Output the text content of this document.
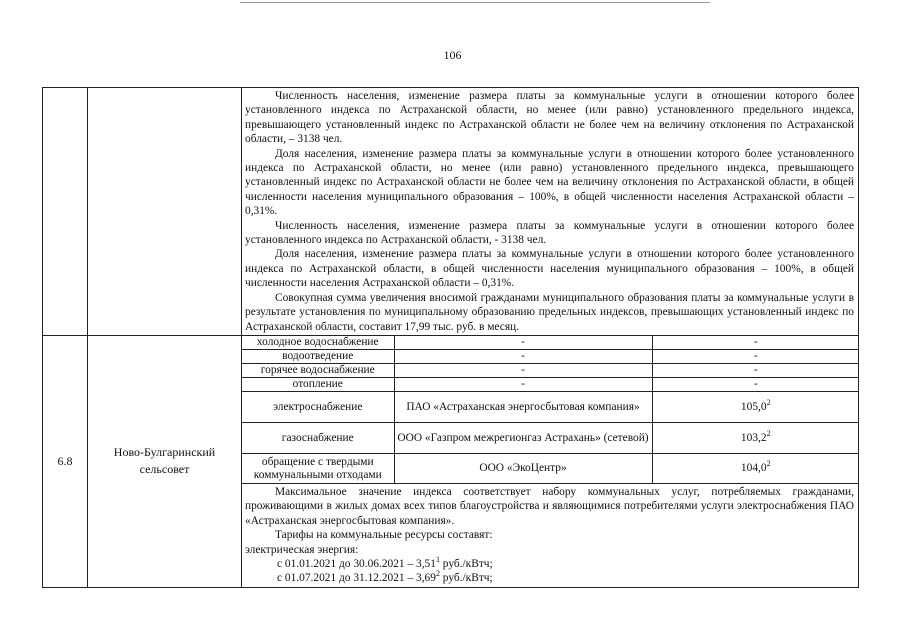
106

Численность населения, изменение размера платы за коммунальные услуги в отношении которого более установленного индекса по Астраханской области, но менее (или равно) установленного предельного индекса, превышающего установленный индекс по Астраханской области не более чем на величину отклонения по Астраханской области, – 3138 чел.

Доля населения, изменение размера платы за коммунальные услуги в отношении которого более установленного индекса по Астраханской области, но менее (или равно) установленного предельного индекса, превышающего установленный индекс по Астраханской области не более чем на величину отклонения по Астраханской области, в общей численности населения муниципального образования – 100%, в общей численности населения Астраханской области – 0,31%.

Численность населения, изменение размера платы за коммунальные услуги в отношении которого более установленного индекса по Астраханской области, - 3138 чел.

Доля населения, изменение размера платы за коммунальные услуги в отношении которого более установленного индекса по Астраханской области, в общей численности населения муниципального образования – 100%, в общей численности населения Астраханской области – 0,31%.

Совокупная сумма увеличения вносимой гражданами муниципального образования платы за коммунальные услуги в результате установления по муниципальному образованию предельных индексов, превышающих установленный индекс по Астраханской области, составит 17,99 тыс. руб. в месяц.

6.8	Ново-Булгаринский сельсовет	
холодное водоснабжение	-	-
водоотведение	-	-
горячее водоснабжение	-	-
отопление	-	-
электроснабжение	ПАО «Астраханская энергосбытовая компания»	105,0$^2$
газоснабжение	ООО «Газпром межрегионгаз Астрахань» (сетевой)	103,2$^2$
обращение с твердыми коммунальными отходами	ООО «ЭкоЦентр»	104,0$^2$

Максимальное значение индекса соответствует набору коммунальных услуг, потребляемых гражданами, проживающими в жилых домах всех типов благоустройства и являющимися потребителями услуги электроснабжения ПАО «Астраханская энергосбытовая компания».

Тарифы на коммунальные ресурсы составят:

электрическая энергия:

с 01.01.2021 до 30.06.2021 – 3,51$^1$ руб./кВтч;

с 01.07.2021 до 31.12.2021 – 3,69$^2$ руб./кВтч;
